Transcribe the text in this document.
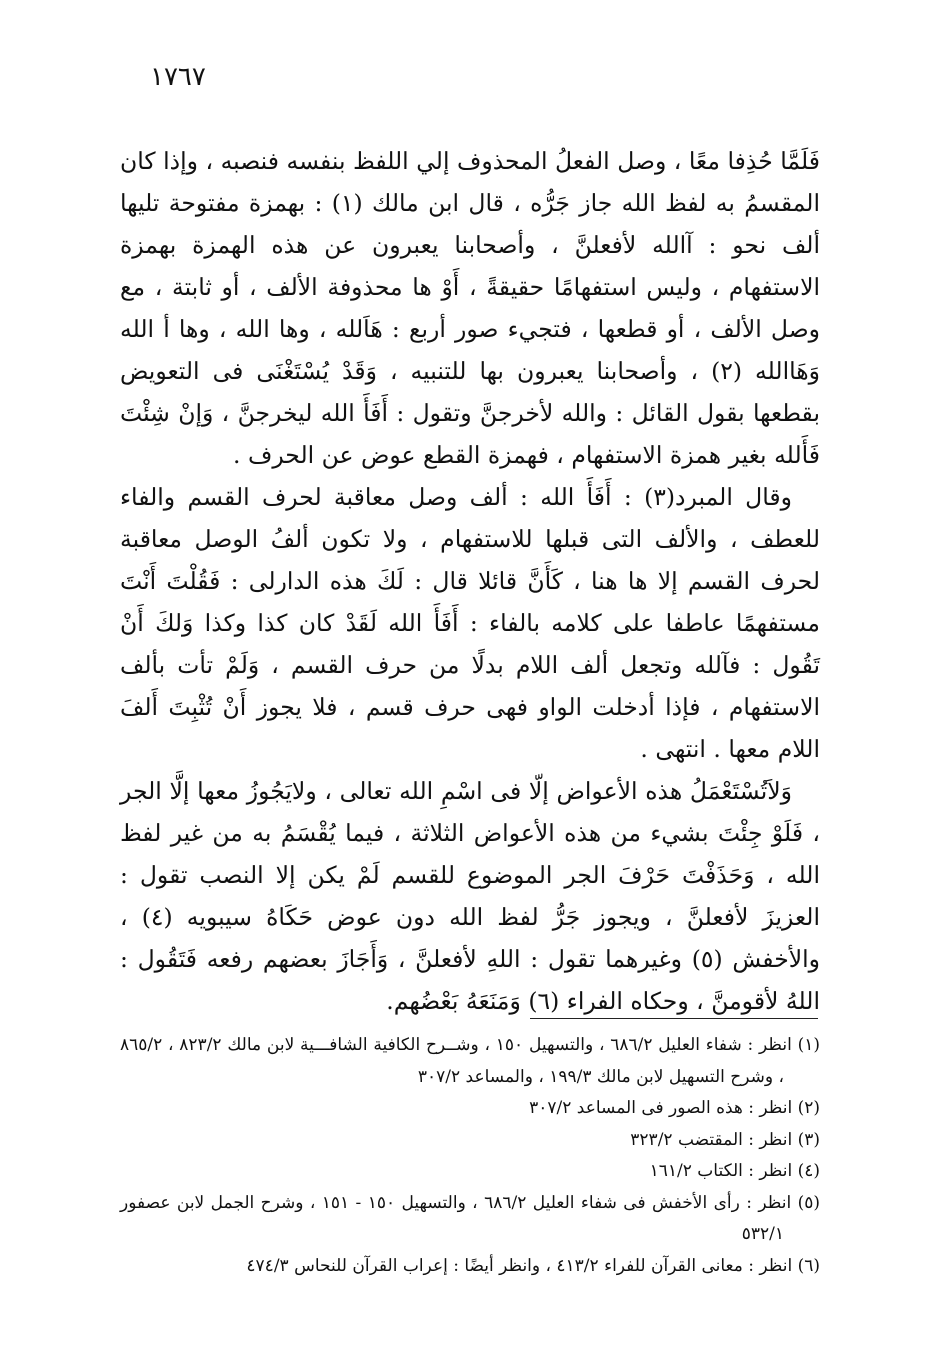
١٧٦٧

فَلَمَّا حُذِفا معًا ، وصل الفعلُ المحذوف إلي اللفظ بنفسه فنصبه ، وإذا كان المقسمُ به لفظ الله جاز جَرُّه ، قال ابن مالك (١) : بهمزة مفتوحة تليها ألف نحو : آالله لأفعلنَّ ، وأصحابنا يعبرون عن هذه الهمزة بهمزة الاستفهام ، وليس استفهامًا حقيقةً ، أَوْ ها محذوفة الألف ، أو ثابتة ، مع وصل الألف ، أو قطعها ، فتجيء صور أربع : هَاَلله ، وها الله ، وها أ الله وَهَاالله (٢) ، وأصحابنا يعبرون بها للتنبيه ، وَقَدْ يُسْتَغْنَى فى التعويض بقطعها بقول القائل : والله لأخرجنَّ وتقول : أَفَأَ الله ليخرجنَّ ، وَإنْ شِئْتَ فَأَلله بغير همزة الاستفهام ، فهمزة القطع عوض عن الحرف .

وقال المبرد(٣) : أَفَأَ الله : ألف وصل معاقبة لحرف القسم والفاء للعطف ، والألف التى قبلها للاستفهام ، ولا تكون ألفُ الوصل معاقبة لحرف القسم إلا ها هنا ، كَأَنَّ قائلا قال : لَكَ هذه الدارلى : فَقُلْتَ أَنْتَ مستفهمًا عاطفا على كلامه بالفاء : أَفَأَ الله لَقَدْ كان كذا وكذا وَلكَ أَنْ تَقُول : فآلله وتجعل ألف اللام بدلًا من حرف القسم ، وَلَمْ تأت بألف الاستفهام ، فإذا أدخلت الواو فهى حرف قسم ، فلا يجوز أَنْ تُثْبِتَ أَلفَ اللام معها . انتهى .

وَلاَتُسْتَعْمَلُ هذه الأعواض إلّا فى اسْمِ الله تعالى ، ولايَجُوزُ معها إلَّا الجر ، فَلَوْ جِئْتَ بشيء من هذه الأعواض الثلاثة ، فيما يُقْسَمُ به من غير لفظ الله ، وَحَذَفْتَ حَرْفَ الجر الموضوع للقسم لَمْ يكن إلا النصب تقول : العزيزَ لأفعلنَّ ، ويجوز جَرُّ لفظ الله دون عوض حَكَاهُ سيبويه (٤) ، والأخفش (٥) وغيرهما تقول : اللهِ لأفعلنَّ ، وَأَجَازَ بعضهم رفعه فَتَقُول : اللهُ لأقومنَّ ، وحكاه الفراء (٦) وَمَنَعَهُ بَعْضُهم.

(١) انظر : شفاء العليل ٦٨٦/٢ ، والتسهيل ١٥٠ ، وشــرح الكافية الشافـــية لابن مالك ٨٢٣/٢ ، ٨٦٥/٢ ، وشرح التسهيل لابن مالك ١٩٩/٣ ، والمساعد ٣٠٧/٢

(٢) انظر : هذه الصور فى المساعد ٣٠٧/٢

(٣) انظر : المقتضب ٣٢٣/٢

(٤) انظر : الكتاب ١٦١/٢

(٥) انظر : رأى الأخفش فى شفاء العليل ٦٨٦/٢ ، والتسهيل ١٥٠ - ١٥١ ، وشرح الجمل لابن عصفور ٥٣٢/١

(٦) انظر : معانى القرآن للفراء ٤١٣/٢ ، وانظر أيضًا : إعراب القرآن للنحاس ٤٧٤/٣
